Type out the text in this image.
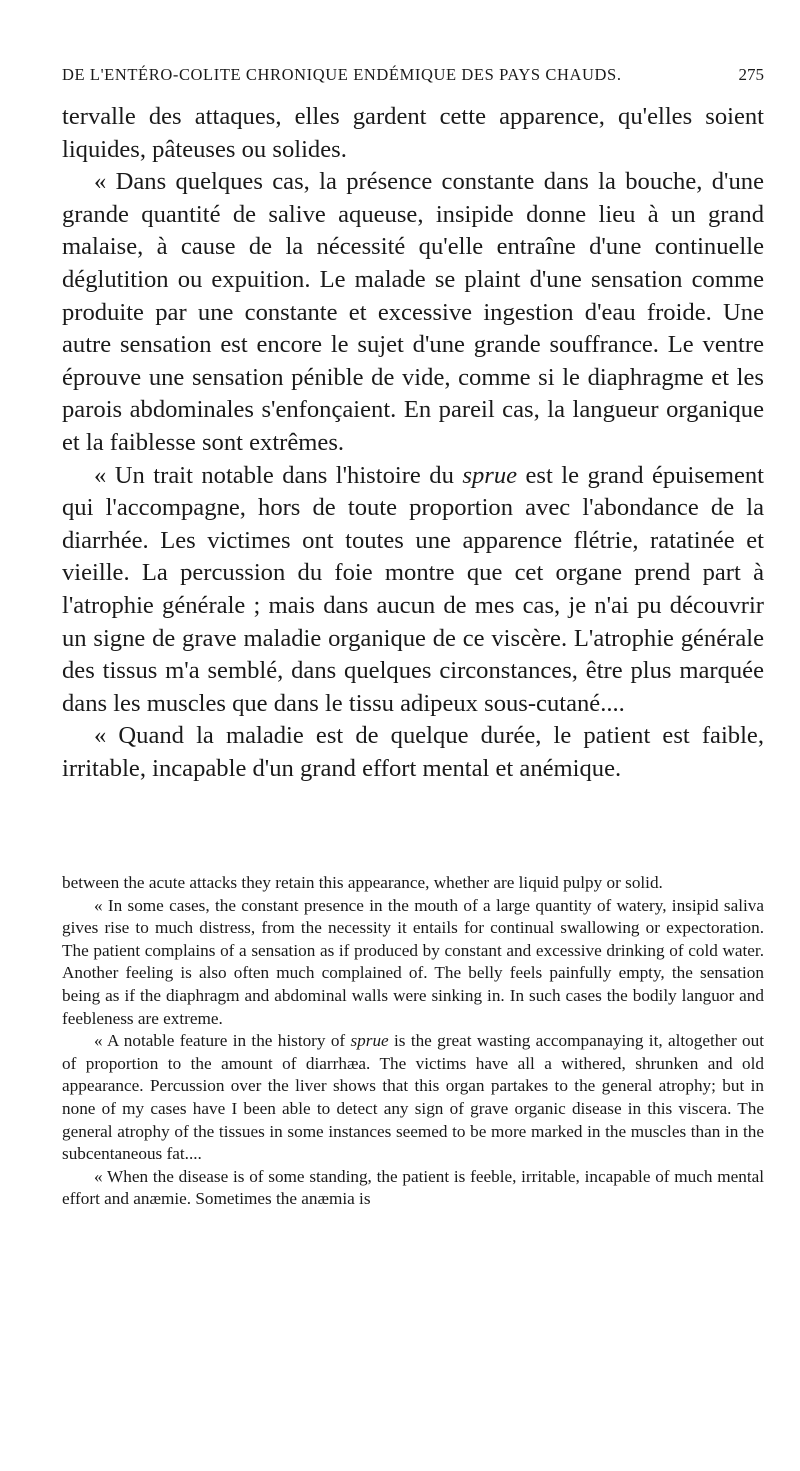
DE L'ENTÉRO-COLITE CHRONIQUE ENDÉMIQUE DES PAYS CHAUDS.	275

tervalle des attaques, elles gardent cette apparence, qu'elles soient liquides, pâteuses ou solides.

« Dans quelques cas, la présence constante dans la bouche, d'une grande quantité de salive aqueuse, insipide donne lieu à un grand malaise, à cause de la nécessité qu'elle entraîne d'une continuelle déglutition ou expuition. Le malade se plaint d'une sensation comme produite par une constante et excessive ingestion d'eau froide. Une autre sensation est encore le sujet d'une grande souffrance. Le ventre éprouve une sensation pénible de vide, comme si le diaphragme et les parois abdominales s'enfonçaient. En pareil cas, la langueur organique et la faiblesse sont extrêmes.

« Un trait notable dans l'histoire du sprue est le grand épuisement qui l'accompagne, hors de toute proportion avec l'abondance de la diarrhée. Les victimes ont toutes une apparence flétrie, ratatinée et vieille. La percussion du foie montre que cet organe prend part à l'atrophie générale ; mais dans aucun de mes cas, je n'ai pu découvrir un signe de grave maladie organique de ce viscère. L'atrophie générale des tissus m'a semblé, dans quelques circonstances, être plus marquée dans les muscles que dans le tissu adipeux sous-cutané....

« Quand la maladie est de quelque durée, le patient est faible, irritable, incapable d'un grand effort mental et anémique.

between the acute attacks they retain this appearance, whether are liquid pulpy or solid.

« In some cases, the constant presence in the mouth of a large quantity of watery, insipid saliva gives rise to much distress, from the necessity it entails for continual swallowing or expectoration. The patient complains of a sensation as if produced by constant and excessive drinking of cold water. Another feeling is also often much complained of. The belly feels painfully empty, the sensation being as if the diaphragm and abdominal walls were sinking in. In such cases the bodily languor and feebleness are extreme.

« A notable feature in the history of sprue is the great wasting accompanaying it, altogether out of proportion to the amount of diarrhæa. The victims have all a withered, shrunken and old appearance. Percussion over the liver shows that this organ partakes to the general atrophy; but in none of my cases have I been able to detect any sign of grave organic disease in this viscera. The general atrophy of the tissues in some instances seemed to be more marked in the muscles than in the subcentaneous fat....

« When the disease is of some standing, the patient is feeble, irritable, incapable of much mental effort and anæmie. Sometimes the anæmia is
